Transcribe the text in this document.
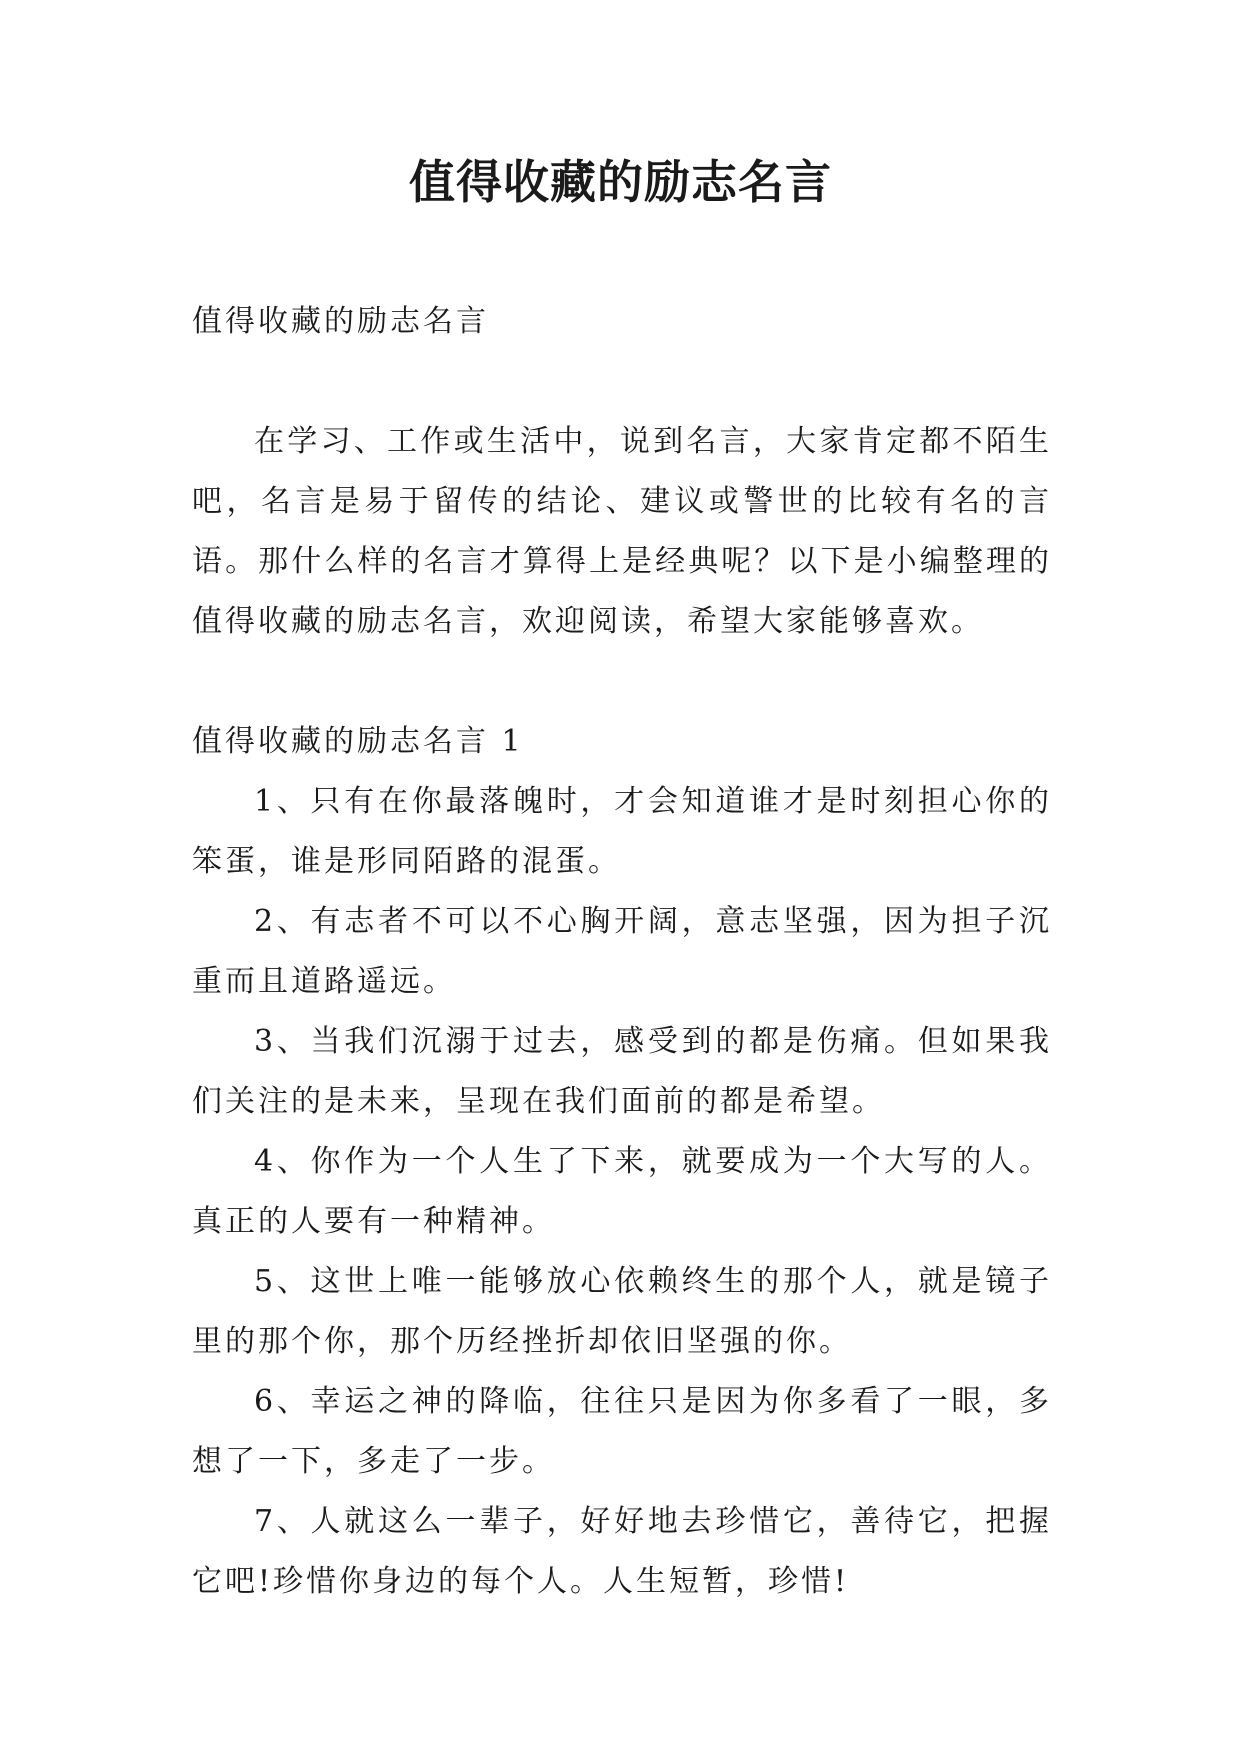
值得收藏的励志名言

值得收藏的励志名言

在学习、工作或生活中，说到名言，大家肯定都不陌生吧，名言是易于留传的结论、建议或警世的比较有名的言语。那什么样的名言才算得上是经典呢？以下是小编整理的值得收藏的励志名言，欢迎阅读，希望大家能够喜欢。

值得收藏的励志名言 1

1、只有在你最落魄时，才会知道谁才是时刻担心你的笨蛋，谁是形同陌路的混蛋。

2、有志者不可以不心胸开阔，意志坚强，因为担子沉重而且道路遥远。

3、当我们沉溺于过去，感受到的都是伤痛。但如果我们关注的是未来，呈现在我们面前的都是希望。

4、你作为一个人生了下来，就要成为一个大写的人。真正的人要有一种精神。

5、这世上唯一能够放心依赖终生的那个人，就是镜子里的那个你，那个历经挫折却依旧坚强的你。

6、幸运之神的降临，往往只是因为你多看了一眼，多想了一下，多走了一步。

7、人就这么一辈子，好好地去珍惜它，善待它，把握它吧!珍惜你身边的每个人。人生短暂，珍惜!
